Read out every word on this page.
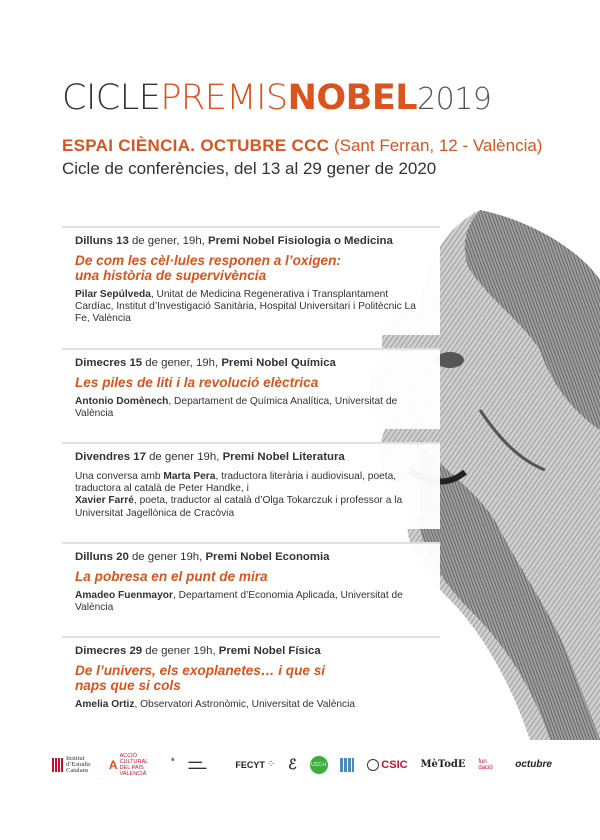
CICLEPREMISNOBEL2019
ESPAI CIÈNCIA. OCTUBRE CCC (Sant Ferran, 12 - València)
Cicle de conferències, del 13 al 29 gener de 2020
Dilluns 13 de gener, 19h, Premi Nobel Fisiologia o Medicina
De com les cèl·lules responen a l’oxigen:
una història de supervivència
Pilar Sepúlveda, Unitat de Medicina Regenerativa i Transplantament Cardíac, Institut d’Investigació Sanitària, Hospital Universitari i Politècnic La Fe, València
Dimecres 15 de gener, 19h, Premi Nobel Química
Les piles de liti i la revolució elèctrica
Antonio Domènech, Departament de Química Analítica, Universitat de València
Divendres 17 de gener 19h, Premi Nobel Literatura
Una conversa amb Marta Pera, traductora literària i audiovisual, poeta, traductora al català de Peter Handke, i
Xavier Farré, poeta, traductor al català d’Olga Tokarczuk i professor a la Universitat Jagellònica de Cracòvia
Dilluns 20 de gener 19h, Premi Nobel Economia
La pobresa en el punt de mira
Amadeo Fuenmayor, Departament d’Economia Aplicada, Universitat de València
Dimecres 29 de gener 19h, Premi Nobel Física
De l’univers, els exoplanetes… i que si
naps que si cols
Amelia Ortiz, Observatori Astronòmic, Universitat de València
Institut
d’Estudis
Catalans	A
ACCIÓ CULTURAL
DEL PAÍS VALENCIÀ
♛	▬▬▬
▬▬▬▬	FECYT ⁘ ℰ	UCC+i	CSIC MèTodE fun
dació	octubre
